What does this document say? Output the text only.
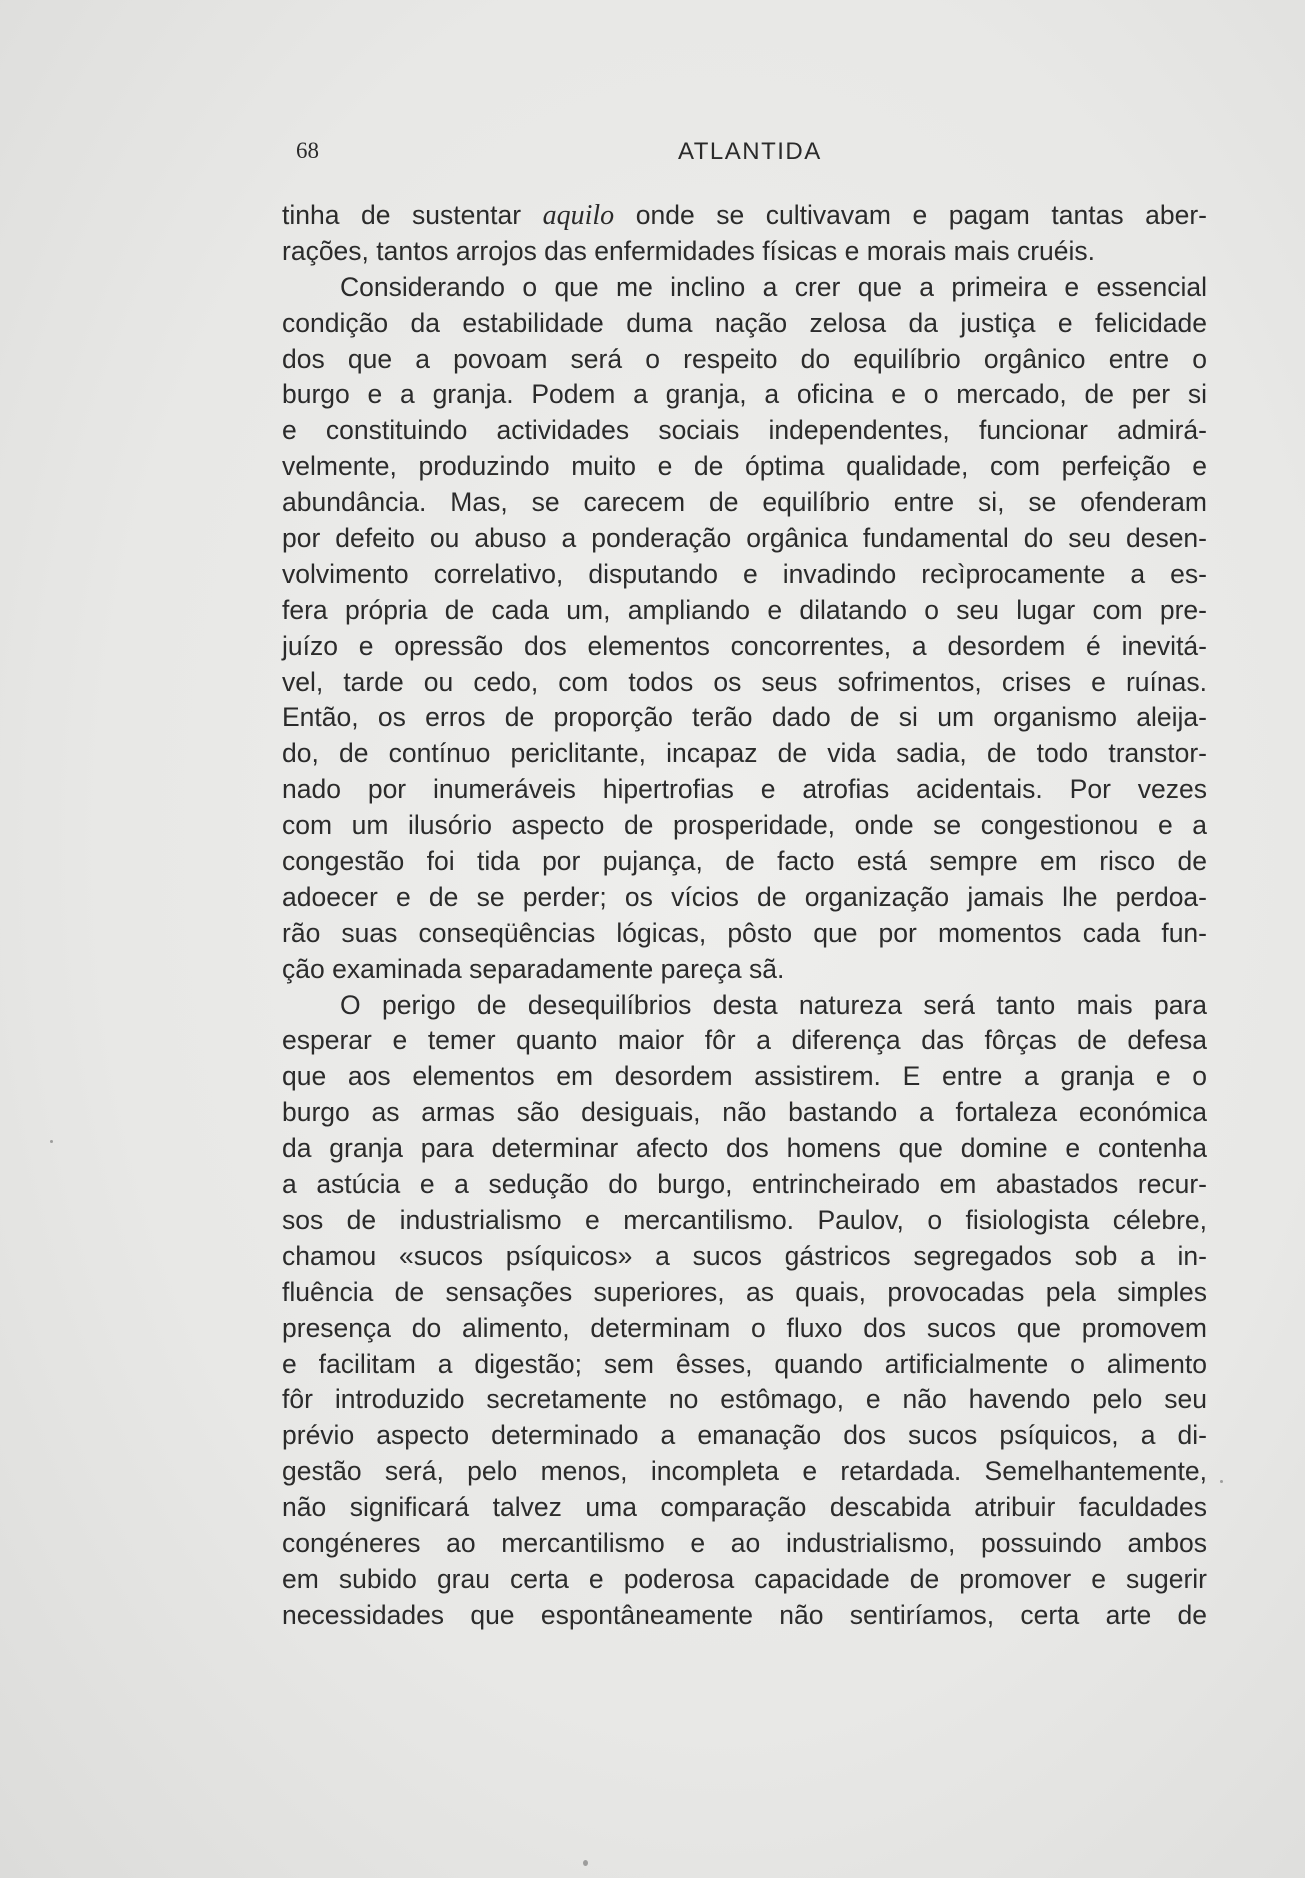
68	ATLANTIDA
tinha de sustentar aquilo onde se cultivavam e pagam tantas aber-
rações, tantos arrojos das enfermidades físicas e morais mais cruéis.
Considerando o que me inclino a crer que a primeira e essencial
condição da estabilidade duma nação zelosa da justiça e felicidade
dos que a povoam será o respeito do equilíbrio orgânico entre o
burgo e a granja. Podem a granja, a oficina e o mercado, de per si
e constituindo actividades sociais independentes, funcionar admirá-
velmente, produzindo muito e de óptima qualidade, com perfeição e
abundância. Mas, se carecem de equilíbrio entre si, se ofenderam
por defeito ou abuso a ponderação orgânica fundamental do seu desen-
volvimento correlativo, disputando e invadindo recìprocamente a es-
fera própria de cada um, ampliando e dilatando o seu lugar com pre-
juízo e opressão dos elementos concorrentes, a desordem é inevitá-
vel, tarde ou cedo, com todos os seus sofrimentos, crises e ruínas.
Então, os erros de proporção terão dado de si um organismo aleija-
do, de contínuo periclitante, incapaz de vida sadia, de todo transtor-
nado por inumeráveis hipertrofias e atrofias acidentais. Por vezes
com um ilusório aspecto de prosperidade, onde se congestionou e a
congestão foi tida por pujança, de facto está sempre em risco de
adoecer e de se perder; os vícios de organização jamais lhe perdoa-
rão suas conseqüências lógicas, pôsto que por momentos cada fun-
ção examinada separadamente pareça sã.
O perigo de desequilíbrios desta natureza será tanto mais para
esperar e temer quanto maior fôr a diferença das fôrças de defesa
que aos elementos em desordem assistirem. E entre a granja e o
burgo as armas são desiguais, não bastando a fortaleza económica
da granja para determinar afecto dos homens que domine e contenha
a astúcia e a sedução do burgo, entrincheirado em abastados recur-
sos de industrialismo e mercantilismo. Paulov, o fisiologista célebre,
chamou «sucos psíquicos» a sucos gástricos segregados sob a in-
fluência de sensações superiores, as quais, provocadas pela simples
presença do alimento, determinam o fluxo dos sucos que promovem
e facilitam a digestão; sem êsses, quando artificialmente o alimento
fôr introduzido secretamente no estômago, e não havendo pelo seu
prévio aspecto determinado a emanação dos sucos psíquicos, a di-
gestão será, pelo menos, incompleta e retardada. Semelhantemente,
não significará talvez uma comparação descabida atribuir faculdades
congéneres ao mercantilismo e ao industrialismo, possuindo ambos
em subido grau certa e poderosa capacidade de promover e sugerir
necessidades que espontâneamente não sentiríamos, certa arte de
